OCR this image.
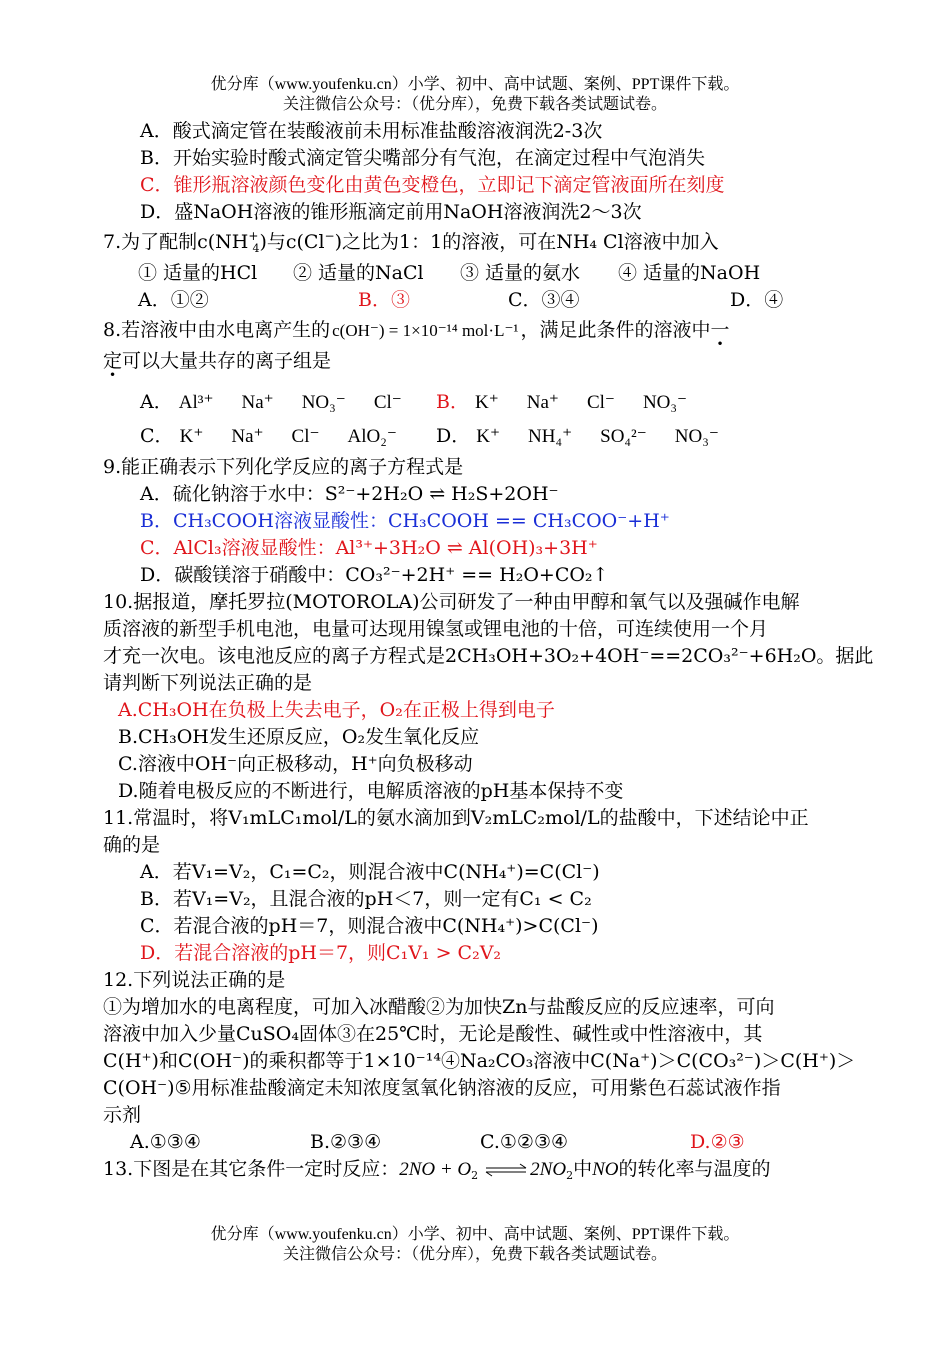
优分库（www.youfenku.cn）小学、初中、高中试题、案例、PPT课件下载。
关注微信公众号：（优分库），免费下载各类试题试卷。
A．酸式滴定管在装酸液前未用标准盐酸溶液润洗2-3次
B．开始实验时酸式滴定管尖嘴部分有气泡，在滴定过程中气泡消失
C．锥形瓶溶液颜色变化由黄色变橙色，立即记下滴定管液面所在刻度
D．盛NaOH溶液的锥形瓶滴定前用NaOH溶液润洗2～3次
7.为了配制$c(NH^+_4)$与c(Cl−)之比为1：1的溶液，可在NH₄ Cl溶液中加入
① 适量的HCl ② 适量的NaCl ③ 适量的氨水 ④ 适量的NaOH
A．①②	B．③	C．③④	D．④
8.若溶液中由水电离产生的 c(OH⁻) = 1×10⁻¹⁴ mol·L⁻¹ ，满足此条件的溶液中一
定可以大量共存的离子组是
A． Al³⁺ Na⁺ NO₃⁻ Cl⁻	B． K⁺ Na⁺ Cl⁻ NO₃⁻
C． K⁺ Na⁺ Cl⁻ AlO₂⁻	D． K⁺ NH₄⁺ SO₄²⁻ NO₃⁻
9.能正确表示下列化学反应的离子方程式是
A．硫化钠溶于水中：S²⁻+2H₂O ⇌ H₂S+2OH⁻
B．CH₃COOH溶液显酸性：CH₃COOH == CH₃COO⁻+H⁺
C．AlCl₃溶液显酸性：Al³⁺+3H₂O ⇌ Al(OH)₃+3H⁺
D．碳酸镁溶于硝酸中：CO₃²⁻+2H⁺ == H₂O+CO₂↑
10.据报道，摩托罗拉(MOTOROLA)公司研发了一种由甲醇和氧气以及强碱作电解
质溶液的新型手机电池，电量可达现用镍氢或锂电池的十倍，可连续使用一个月
才充一次电。该电池反应的离子方程式是2CH₃OH+3O₂+4OH⁻==2CO₃²⁻+6H₂O。据此
请判断下列说法正确的是
A.CH₃OH在负极上失去电子，O₂在正极上得到电子
B.CH₃OH发生还原反应，O₂发生氧化反应
C.溶液中OH⁻向正极移动，H⁺向负极移动
D.随着电极反应的不断进行，电解质溶液的pH基本保持不变
11.常温时，将V₁mLC₁mol/L的氨水滴加到V₂mLC₂mol/L的盐酸中，下述结论中正
确的是
A．若V₁=V₂，C₁=C₂，则混合液中C(NH₄⁺)=C(Cl⁻)
B．若V₁=V₂，且混合液的pH＜7，则一定有C₁ < C₂
C．若混合液的pH＝7，则混合液中C(NH₄⁺)>C(Cl⁻)
D．若混合溶液的pH＝7，则C₁V₁ > C₂V₂
12.下列说法正确的是
①为增加水的电离程度，可加入冰醋酸②为加快Zn与盐酸反应的反应速率，可向
溶液中加入少量CuSO₄固体③在25℃时，无论是酸性、碱性或中性溶液中，其
C(H⁺)和C(OH⁻)的乘积都等于1×10⁻¹⁴④Na₂CO₃溶液中C(Na⁺)＞C(CO₃²⁻)＞C(H⁺)＞
C(OH⁻)⑤用标准盐酸滴定未知浓度氢氧化钠溶液的反应，可用紫色石蕊试液作指
示剂
A.①③④	B.②③④	C.①②③④	D.②③
13.下图是在其它条件一定时反应：$2NO + O_2\rightleftharpoons 2NO_2$中NO的转化率与温度的
优分库（www.youfenku.cn）小学、初中、高中试题、案例、PPT课件下载。
关注微信公众号：（优分库），免费下载各类试题试卷。
